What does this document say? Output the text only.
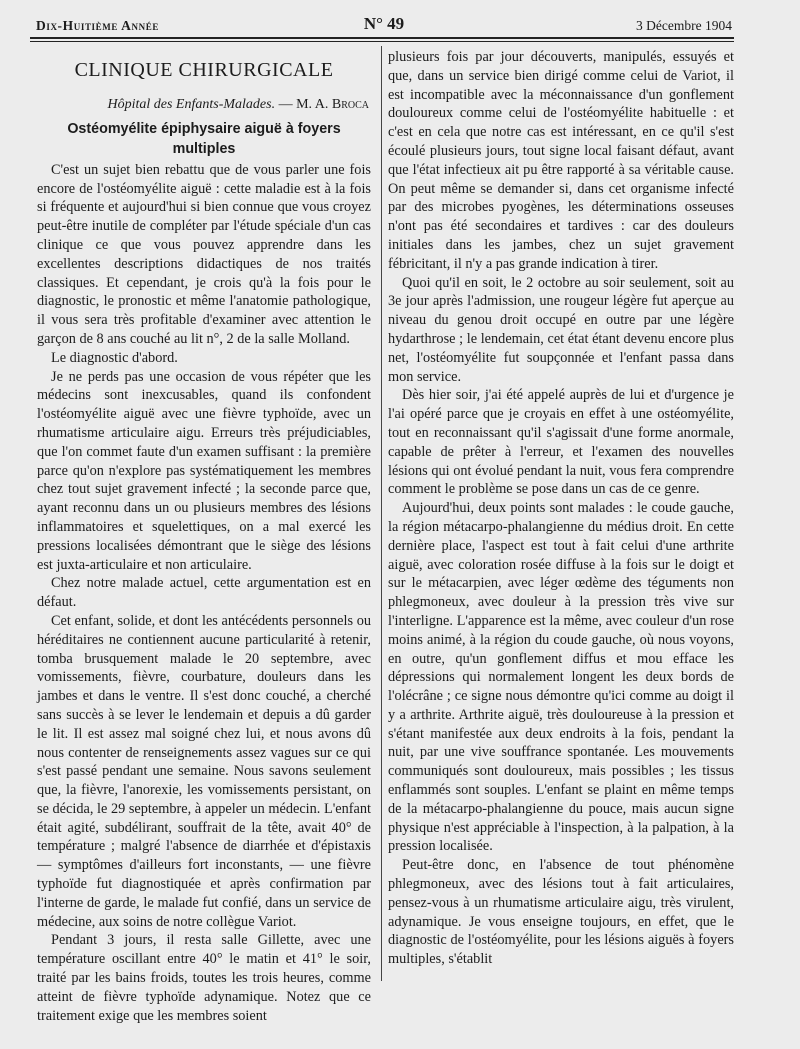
Dix-Huitième Année	N° 49	3 Décembre 1904
CLINIQUE CHIRURGICALE
Hôpital des Enfants-Malades. — M. A. Broca
Ostéomyélite épiphysaire aiguë à foyers multiples

C'est un sujet bien rebattu que de vous parler une fois encore de l'ostéomyélite aiguë : cette maladie est à la fois si fréquente et aujourd'hui si bien connue que vous croyez peut-être inutile de compléter par l'étude spéciale d'un cas clinique ce que vous pouvez apprendre dans les excellentes descriptions didactiques de nos traités classiques. Et cependant, je crois qu'à la fois pour le diagnostic, le pronostic et même l'anatomie pathologique, il vous sera très profitable d'examiner avec attention le garçon de 8 ans couché au lit n°, 2 de la salle Molland.

Le diagnostic d'abord.

Je ne perds pas une occasion de vous répéter que les médecins sont inexcusables, quand ils confondent l'ostéomyélite aiguë avec une fièvre typhoïde, avec un rhumatisme articulaire aigu. Erreurs très préjudiciables, que l'on commet faute d'un examen suffisant : la première parce qu'on n'explore pas systématiquement les membres chez tout sujet gravement infecté ; la seconde parce que, ayant reconnu dans un ou plusieurs membres des lésions inflammatoires et squelettiques, on a mal exercé les pressions localisées démontrant que le siège des lésions est juxta-articulaire et non articulaire.

Chez notre malade actuel, cette argumentation est en défaut.

Cet enfant, solide, et dont les antécédents personnels ou héréditaires ne contiennent aucune particularité à retenir, tomba brusquement malade le 20 septembre, avec vomissements, fièvre, courbature, douleurs dans les jambes et dans le ventre. Il s'est donc couché, a cherché sans succès à se lever le lendemain et depuis a dû garder le lit. Il est assez mal soigné chez lui, et nous avons dû nous contenter de renseignements assez vagues sur ce qui s'est passé pendant une semaine. Nous savons seulement que, la fièvre, l'anorexie, les vomissements persistant, on se décida, le 29 septembre, à appeler un médecin. L'enfant était agité, subdélirant, souffrait de la tête, avait 40° de température ; malgré l'absence de diarrhée et d'épistaxis — symptômes d'ailleurs fort inconstants, — une fièvre typhoïde fut diagnostiquée et après confirmation par l'interne de garde, le malade fut confié, dans un service de médecine, aux soins de notre collègue Variot.

Pendant 3 jours, il resta salle Gillette, avec une température oscillant entre 40° le matin et 41° le soir, traité par les bains froids, toutes les trois heures, comme atteint de fièvre typhoïde adynamique. Notez que ce traitement exige que les membres soient

plusieurs fois par jour découverts, manipulés, essuyés et que, dans un service bien dirigé comme celui de Variot, il est incompatible avec la méconnaissance d'un gonflement douloureux comme celui de l'ostéomyélite habituelle : et c'est en cela que notre cas est intéressant, en ce qu'il s'est écoulé plusieurs jours, tout signe local faisant défaut, avant que l'état infectieux ait pu être rapporté à sa véritable cause. On peut même se demander si, dans cet organisme infecté par des microbes pyogènes, les déterminations osseuses n'ont pas été secondaires et tardives : car des douleurs initiales dans les jambes, chez un sujet gravement fébricitant, il n'y a pas grande indication à tirer.

Quoi qu'il en soit, le 2 octobre au soir seulement, soit au 3e jour après l'admission, une rougeur légère fut aperçue au niveau du genou droit occupé en outre par une légère hydarthrose ; le lendemain, cet état étant devenu encore plus net, l'ostéomyélite fut soupçonnée et l'enfant passa dans mon service.

Dès hier soir, j'ai été appelé auprès de lui et d'urgence je l'ai opéré parce que je croyais en effet à une ostéomyélite, tout en reconnaissant qu'il s'agissait d'une forme anormale, capable de prêter à l'erreur, et l'examen des nouvelles lésions qui ont évolué pendant la nuit, vous fera comprendre comment le problème se pose dans un cas de ce genre.

Aujourd'hui, deux points sont malades : le coude gauche, la région métacarpo-phalangienne du médius droit. En cette dernière place, l'aspect est tout à fait celui d'une arthrite aiguë, avec coloration rosée diffuse à la fois sur le doigt et sur le métacarpien, avec léger œdème des téguments non phlegmoneux, avec douleur à la pression très vive sur l'interligne. L'apparence est la même, avec couleur d'un rose moins animé, à la région du coude gauche, où nous voyons, en outre, qu'un gonflement diffus et mou efface les dépressions qui normalement longent les deux bords de l'olécrâne ; ce signe nous démontre qu'ici comme au doigt il y a arthrite. Arthrite aiguë, très douloureuse à la pression et s'étant manifestée aux deux endroits à la fois, pendant la nuit, par une vive souffrance spontanée. Les mouvements communiqués sont douloureux, mais possibles ; les tissus enflammés sont souples. L'enfant se plaint en même temps de la métacarpo-phalangienne du pouce, mais aucun signe physique n'est appréciable à l'inspection, à la palpation, à la pression localisée.

Peut-être donc, en l'absence de tout phénomène phlegmoneux, avec des lésions tout à fait articulaires, pensez-vous à un rhumatisme articulaire aigu, très virulent, adynamique. Je vous enseigne toujours, en effet, que le diagnostic de l'ostéomyélite, pour les lésions aiguës à foyers multiples, s'établit
